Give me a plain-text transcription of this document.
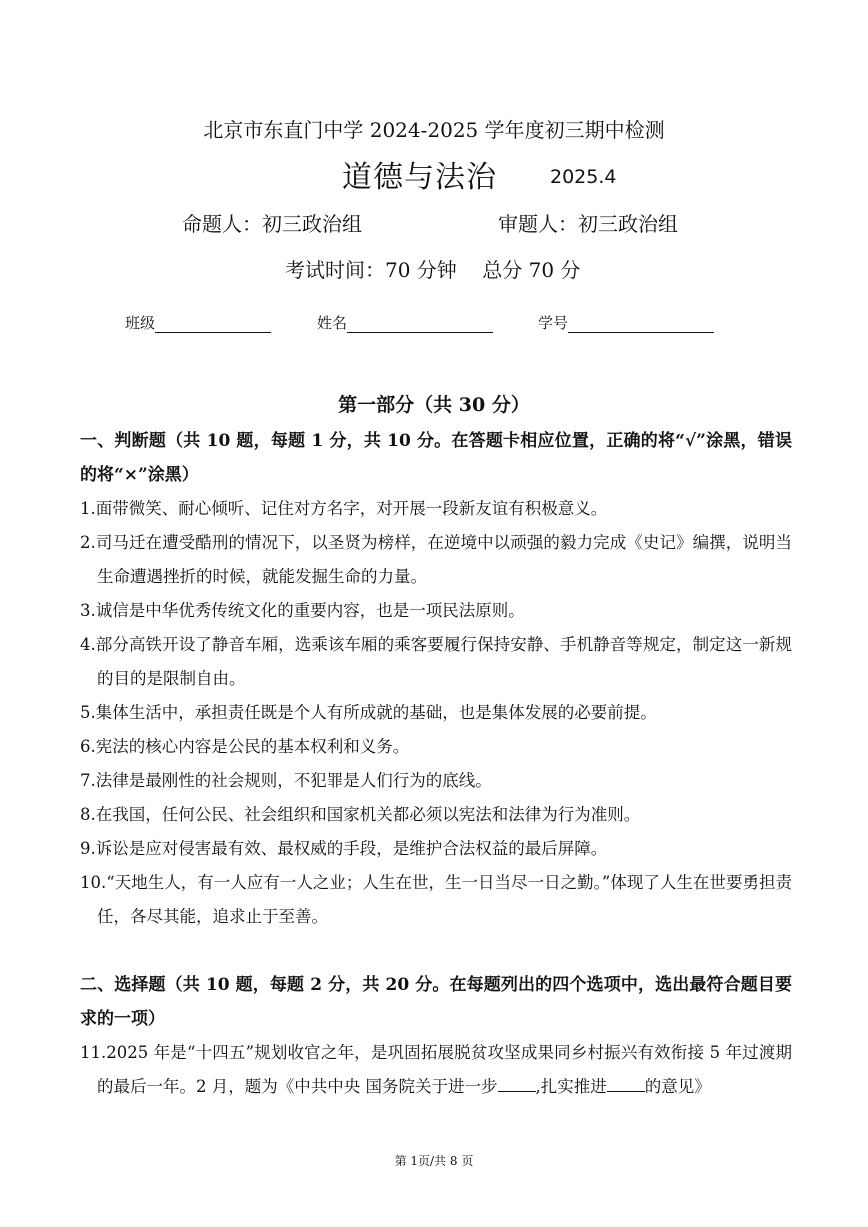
北京市东直门中学 2024-2025 学年度初三期中检测
道德与法治	2025.4
命题人：初三政治组	审题人：初三政治组
考试时间：70 分钟    总分 70 分
班级	姓名	学号
第一部分（共 30 分）
一、判断题（共 10 题，每题 1 分，共 10 分。在答题卡相应位置，正确的将“√”涂黑，错误的将“×”涂黑）

1.面带微笑、耐心倾听、记住对方名字，对开展一段新友谊有积极意义。

2.司马迁在遭受酷刑的情况下，以圣贤为榜样，在逆境中以顽强的毅力完成《史记》编撰，说明当生命遭遇挫折的时候，就能发掘生命的力量。

3.诚信是中华优秀传统文化的重要内容，也是一项民法原则。

4.部分高铁开设了静音车厢，选乘该车厢的乘客要履行保持安静、手机静音等规定，制定这一新规的目的是限制自由。

5.集体生活中，承担责任既是个人有所成就的基础，也是集体发展的必要前提。

6.宪法的核心内容是公民的基本权利和义务。

7.法律是最刚性的社会规则，不犯罪是人们行为的底线。

8.在我国，任何公民、社会组织和国家机关都必须以宪法和法律为行为准则。

9.诉讼是应对侵害最有效、最权威的手段，是维护合法权益的最后屏障。

10.“天地生人，有一人应有一人之业；人生在世，生一日当尽一日之勤。”体现了人生在世要勇担责任，各尽其能，追求止于至善。

二、选择题（共 10 题，每题 2 分，共 20 分。在每题列出的四个选项中，选出最符合题目要求的一项）
11.2025 年是“十四五”规划收官之年，是巩固拓展脱贫攻坚成果同乡村振兴有效衔接 5 年过渡期的最后一年。2 月，题为《中共中央 国务院关于进一步 ,扎实推进 的意见》
第 1页/共 8 页
